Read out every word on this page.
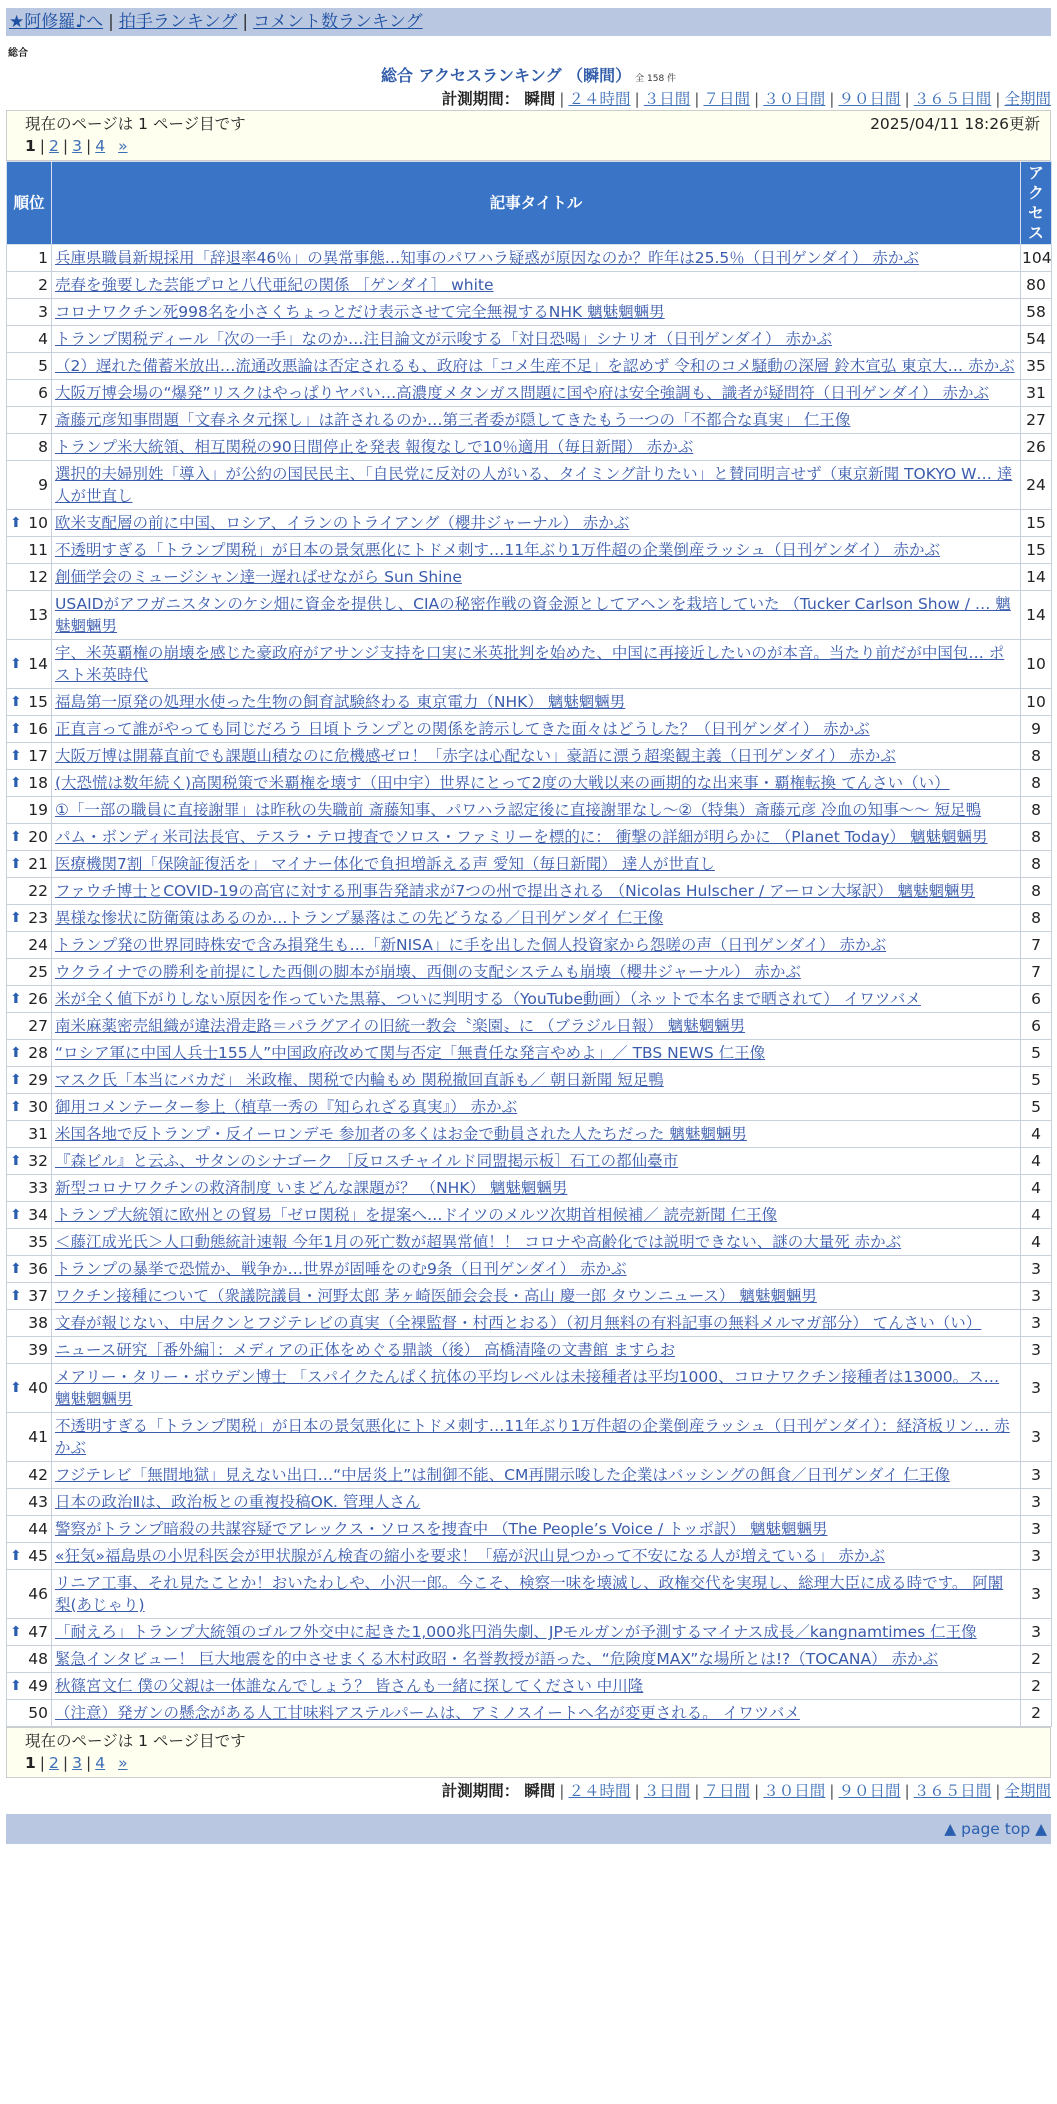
★阿修羅♪へ | 拍手ランキング | コメント数ランキング
総合
総合 アクセスランキング （瞬間） 全 158 件
計測期間： 瞬間 | ２４時間 | ３日間 | ７日間 | ３０日間 | ９０日間 | ３６５日間 | 全期間
現在のページは 1 ページ目です	2025/04/11 18:26更新
1 | 2 | 3 | 4 »
順位	記事タイトル	アクセス
1	兵庫県職員新規採用「辞退率46％」の異常事態…知事のパワハラ疑惑が原因なのか？昨年は25.5％（日刊ゲンダイ） 赤かぶ	104
2	売春を強要した芸能プロと八代亜紀の関係 ［ゲンダイ］ white	80
3	コロナワクチン死998名を小さくちょっとだけ表示させて完全無視するNHK 魑魅魍魎男	58
4	トランプ関税ディール「次の一手」なのか…注目論文が示唆する「対日恐喝」シナリオ（日刊ゲンダイ） 赤かぶ	54
5	（2）遅れた備蓄米放出…流通改悪論は否定されるも、政府は「コメ生産不足」を認めず 令和のコメ騒動の深層 鈴木宣弘 東京大… 赤かぶ	35
6	大阪万博会場の“爆発”リスクはやっぱりヤバい…高濃度メタンガス問題に国や府は安全強調も、識者が疑問符（日刊ゲンダイ） 赤かぶ	31
7	斎藤元彦知事問題「文春ネタ元探し」は許されるのか…第三者委が隠してきたもう一つの「不都合な真実」 仁王像	27
8	トランプ米大統領、相互関税の90日間停止を発表 報復なしで10％適用（毎日新聞） 赤かぶ	26
9	選択的夫婦別姓「導入」が公約の国民民主、「自民党に反対の人がいる、タイミング計りたい」と賛同明言せず（東京新聞 TOKYO W… 達人が世直し	24

⬆ 10	欧米支配層の前に中国、ロシア、イランのトライアング（櫻井ジャーナル） 赤かぶ	15
11	不透明すぎる「トランプ関税」が日本の景気悪化にトドメ刺す…11年ぶり1万件超の企業倒産ラッシュ（日刊ゲンダイ） 赤かぶ	15
12	創価学会のミュージシャン達一遅ればせながら Sun Shine	14
13	USAIDがアフガニスタンのケシ畑に資金を提供し、CIAの秘密作戦の資金源としてアヘンを栽培していた （Tucker Carlson Show / … 魑魅魍魎男	14

⬆ 14	宇、米英覇権の崩壊を感じた豪政府がアサンジ支持を口実に米英批判を始めた、中国に再接近したいのが本音。当たり前だが中国包… ポスト米英時代	10

⬆ 15	福島第一原発の処理水使った生物の飼育試験終わる 東京電力（NHK） 魑魅魍魎男	10

⬆ 16	正直言って誰がやっても同じだろう 日頃トランプとの関係を誇示してきた面々はどうした？（日刊ゲンダイ） 赤かぶ	9

⬆ 17	大阪万博は開幕直前でも課題山積なのに危機感ゼロ！「赤字は心配ない」豪語に漂う超楽観主義（日刊ゲンダイ） 赤かぶ	8

⬆ 18	(大恐慌は数年続く)高関税策で米覇権を壊す（田中宇）世界にとって2度の大戦以来の画期的な出来事・覇権転換 てんさい（い）	8
19	①「一部の職員に直接謝罪」は昨秋の失職前 斎藤知事、パワハラ認定後に直接謝罪なし〜②（特集）斎藤元彦 冷血の知事〜〜 短足鴨	8

⬆ 20	パム・ボンディ米司法長官、テスラ・テロ捜査でソロス・ファミリーを標的に： 衝撃の詳細が明らかに （Planet Today） 魑魅魍魎男	8

⬆ 21	医療機関7割「保険証復活を」 マイナー体化で負担増訴える声 愛知（毎日新聞） 達人が世直し	8
22	ファウチ博士とCOVID-19の高官に対する刑事告発請求が7つの州で提出される （Nicolas Hulscher / アーロン大塚訳） 魑魅魍魎男	8

⬆ 23	異様な惨状に防衛策はあるのか…トランプ暴落はこの先どうなる／日刊ゲンダイ 仁王像	8
24	トランプ発の世界同時株安で含み損発生も…「新NISA」に手を出した個人投資家から怨嗟の声（日刊ゲンダイ） 赤かぶ	7
25	ウクライナでの勝利を前提にした西側の脚本が崩壊、西側の支配システムも崩壊（櫻井ジャーナル） 赤かぶ	7

⬆ 26	米が全く値下がりしない原因を作っていた黒幕、ついに判明する（YouTube動画）（ネットで本名まで晒されて） イワツバメ	6
27	南米麻薬密売組織が違法滑走路＝パラグアイの旧統一教会〝楽園〟に （ブラジル日報） 魑魅魍魎男	6

⬆ 28	“ロシア軍に中国人兵士155人”中国政府改めて関与否定「無責任な発言やめよ」／ TBS NEWS 仁王像	5

⬆ 29	マスク氏「本当にバカだ」 米政権、関税で内輪もめ 関税撤回直訴も／ 朝日新聞 短足鴨	5

⬆ 30	御用コメンテーター参上（植草一秀の『知られざる真実』） 赤かぶ	5
31	米国各地で反トランプ・反イーロンデモ 参加者の多くはお金で動員された人たちだった 魑魅魍魎男	4

⬆ 32	『森ビル』と云ふ、サタンのシナゴーク ［反ロスチャイルド同盟掲示板］石工の都仙臺市	4
33	新型コロナワクチンの救済制度 いまどんな課題が？ （NHK） 魑魅魍魎男	4

⬆ 34	トランプ大統領に欧州との貿易「ゼロ関税」を提案へ…ドイツのメルツ次期首相候補／ 読売新聞 仁王像	4
35	＜藤江成光氏＞人口動態統計速報 今年1月の死亡数が超異常値！！ コロナや高齢化では説明できない、謎の大量死 赤かぶ	4

⬆ 36	トランプの暴挙で恐慌か、戦争か…世界が固唾をのむ9条（日刊ゲンダイ） 赤かぶ	3

⬆ 37	ワクチン接種について（衆議院議員・河野太郎 茅ヶ崎医師会会長・高山 慶一郎 タウンニュース） 魑魅魍魎男	3
38	文春が報じない、中居クンとフジテレビの真実（全裸監督・村西とおる）（初月無料の有料記事の無料メルマガ部分） てんさい（い）	3
39	ニュース研究［番外編］：メディアの正体をめぐる鼎談（後） 高橋清隆の文書館 ますらお	3

⬆ 40	メアリー・タリー・ボウデン博士 「スパイクたんぱく抗体の平均レベルは未接種者は平均1000、コロナワクチン接種者は13000。ス… 魑魅魍魎男	3
41	不透明すぎる「トランプ関税」が日本の景気悪化にトドメ刺す…11年ぶり1万件超の企業倒産ラッシュ（日刊ゲンダイ）：経済板リン… 赤かぶ	3
42	フジテレビ「無間地獄」見えない出口…“中居炎上”は制御不能、CM再開示唆した企業はバッシングの餌食／日刊ゲンダイ 仁王像	3
43	日本の政治Ⅱは、政治板との重複投稿OK. 管理人さん	3
44	警察がトランプ暗殺の共謀容疑でアレックス・ソロスを捜査中 （The People’s Voice / トッポ訳） 魑魅魍魎男	3

⬆ 45	«狂気»福島県の小児科医会が甲状腺がん検査の縮小を要求！「癌が沢山見つかって不安になる人が増えている」 赤かぶ	3
46	リニア工事、それ見たことか！おいたわしや、小沢一郎。今こそ、検察一味を壊滅し、政権交代を実現し、総理大臣に成る時です。 阿闍梨(あじゃり)	3

⬆ 47	「耐えろ」トランプ大統領のゴルフ外交中に起きた1,000兆円消失劇、JPモルガンが予測するマイナス成長／kangnamtimes 仁王像	3
48	緊急インタビュー！ 巨大地震を的中させまくる木村政昭・名誉教授が語った、“危険度MAX”な場所とは!?（TOCANA） 赤かぶ	2

⬆ 49	秋篠宮文仁 僕の父親は一体誰なんでしょう？ 皆さんも一緒に探してください 中川隆	2
50	（注意）発ガンの懸念がある人工甘味料アステルパームは、アミノスイートへ名が変更される。 イワツバメ	2
現在のページは 1 ページ目です
1 | 2 | 3 | 4 »
計測期間： 瞬間 | ２４時間 | ３日間 | ７日間 | ３０日間 | ９０日間 | ３６５日間 | 全期間
▲ page top ▲
